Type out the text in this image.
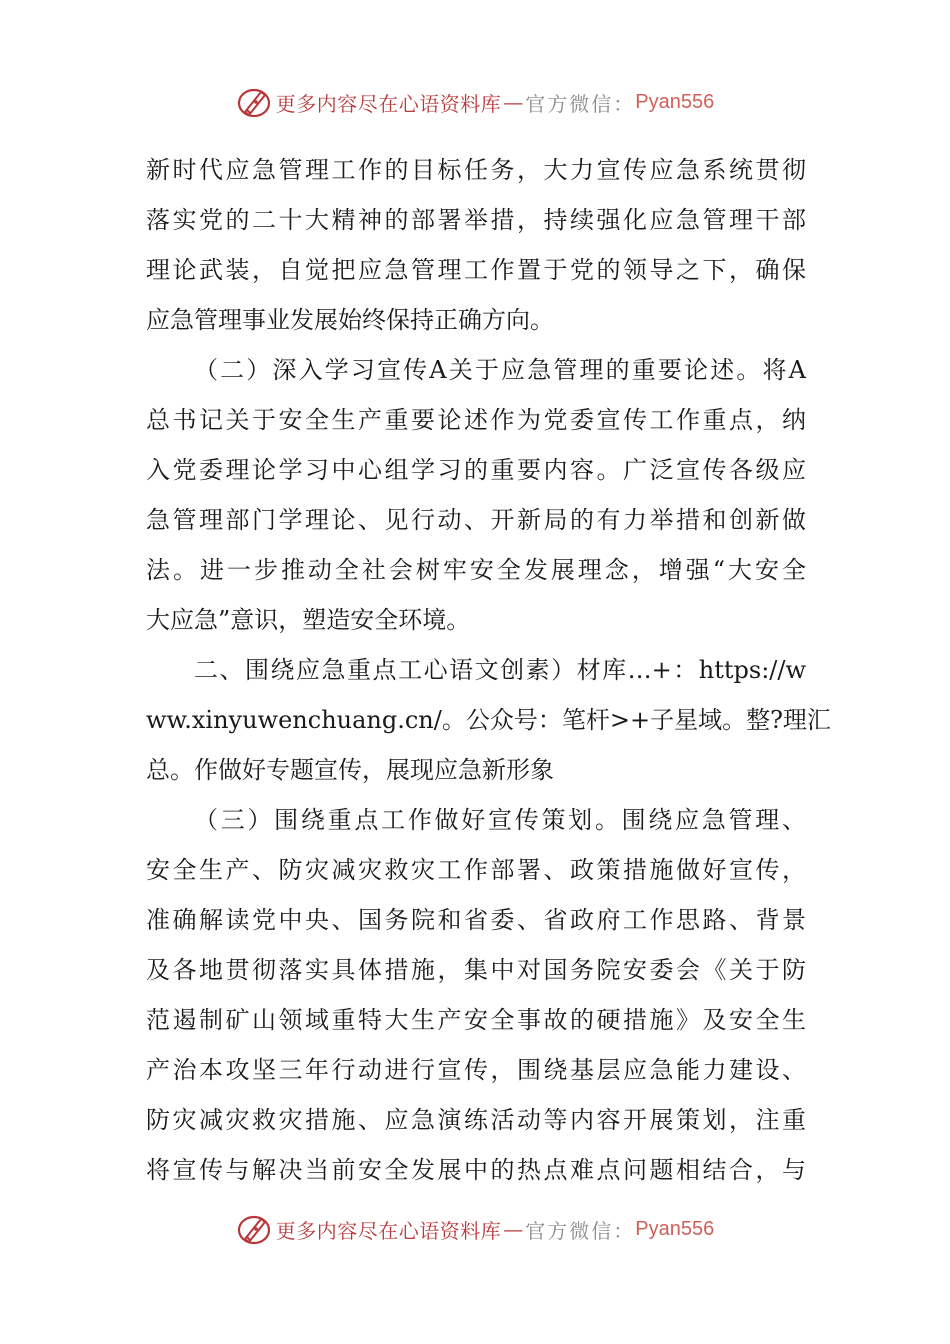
更多内容尽在心语资料库 — 官方微信： Pyan556
新时代应急管理工作的目标任务，大力宣传应急系统贯彻
落实党的二十大精神的部署举措，持续强化应急管理干部
理论武装，自觉把应急管理工作置于党的领导之下，确保
应急管理事业发展始终保持正确方向。
（二）深入学习宣传A关于应急管理的重要论述。将A
总书记关于安全生产重要论述作为党委宣传工作重点，纳
入党委理论学习中心组学习的重要内容。广泛宣传各级应
急管理部门学理论、见行动、开新局的有力举措和创新做
法。进一步推动全社会树牢安全发展理念，增强“大安全
大应急”意识，塑造安全环境。
二、围绕应急重点工心语文创素）材库…+：https://w
ww.xinyuwenchuang.cn/。公众号：笔杆>+子星域。整?理汇
总。作做好专题宣传，展现应急新形象
（三）围绕重点工作做好宣传策划。围绕应急管理、
安全生产、防灾减灾救灾工作部署、政策措施做好宣传，
准确解读党中央、国务院和省委、省政府工作思路、背景
及各地贯彻落实具体措施，集中对国务院安委会《关于防
范遏制矿山领域重特大生产安全事故的硬措施》及安全生
产治本攻坚三年行动进行宣传，围绕基层应急能力建设、
防灾减灾救灾措施、应急演练活动等内容开展策划，注重
将宣传与解决当前安全发展中的热点难点问题相结合，与
更多内容尽在心语资料库 — 官方微信： Pyan556
